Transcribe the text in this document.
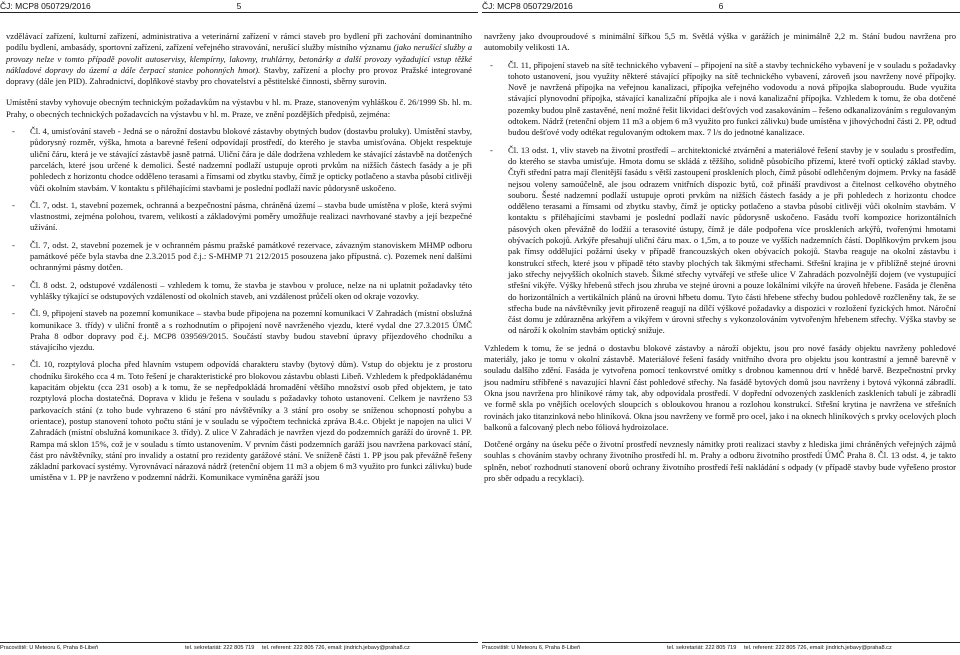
ČJ: MCP8 050729/2016	5

vzdělávací zařízení, kulturní zařízení, administrativa a veterinární zařízení v rámci staveb pro bydlení při zachování dominantního podílu bydlení, ambasády, sportovní zařízení, zařízení veřejného stravování, nerušící služby místního významu (jako nerušící služby a provozy nelze v tomto případě povolit autoservisy, klempírny, lakovny, truhlárny, betonárky a další provozy vyžadující vstup těžké nákladové dopravy do území a dále čerpací stanice pohonných hmot). Stavby, zařízení a plochy pro provoz Pražské integrované dopravy (dále jen PID). Zahradnictví, doplňkové stavby pro chovatelství a pěstitelské činnosti, sběrny surovin.

Umístění stavby vyhovuje obecným technickým požadavkům na výstavbu v hl. m. Praze, stanoveným vyhláškou č. 26/1999 Sb. hl. m. Prahy, o obecných technických požadavcích na výstavbu v hl. m. Praze, ve znění pozdějších předpisů, zejména:

- Čl. 4, umisťování staveb - Jedná se o nárožní dostavbu blokové zástavby obytných budov (dostavbu proluky). Umístění stavby, půdorysný rozměr, výška, hmota a barevné řešení odpovídají prostředí, do kterého je stavba umisťována. Objekt respektuje uliční čáru, která je ve stávající zástavbě jasně patrná. Uliční čára je dále dodržena vzhledem ke stávající zástavbě na dotčených parcelách, které jsou určené k demolici. Šesté nadzemní podlaží ustupuje oproti prvkům na nižších částech fasády a je při pohledech z horizontu chodce odděleno terasami a římsami od zbytku stavby, čímž je opticky potlačeno a stavba působí citlivěji vůči okolním stavbám. V kontaktu s přiléhajícími stavbami je poslední podlaží navíc půdorysně uskočeno.
- Čl. 7, odst. 1, stavební pozemek, ochranná a bezpečnostní pásma, chráněná území – stavba bude umístěna v ploše, která svými vlastnostmi, zejména polohou, tvarem, velikostí a základovými poměry umožňuje realizaci navrhované stavby a její bezpečné užívání.
- Čl. 7, odst. 2, stavební pozemek je v ochranném pásmu pražské památkové rezervace, závazným stanoviskem MHMP odboru památkové péče byla stavba dne 2.3.2015 pod č.j.: S-MHMP 71 212/2015 posouzena jako přípustná. c). Pozemek není dalšími ochrannými pásmy dotčen.
- Čl. 8 odst. 2, odstupové vzdálenosti – vzhledem k tomu, že stavba je stavbou v proluce, nelze na ni uplatnit požadavky této vyhlášky týkající se odstupových vzdáleností od okolních staveb, ani vzdálenost průčelí oken od okraje vozovky.
- Čl. 9, připojení staveb na pozemní komunikace – stavba bude připojena na pozemní komunikaci V Zahradách (místní obslužná komunikace 3. třídy) v uliční frontě a s rozhodnutím o připojení nově navrženého vjezdu, které vydal dne 27.3.2015 ÚMČ Praha 8 odbor dopravy pod č.j. MCP8 039569/2015. Součástí stavby budou stavební úpravy příjezdového chodníku a stávajícího vjezdu.
- Čl. 10, rozptylová plocha před hlavním vstupem odpovídá charakteru stavby (bytový dům). Vstup do objektu je z prostoru chodníku širokého cca 4 m. Toto řešení je charakteristické pro blokovou zástavbu oblasti Libeň. Vzhledem k předpokládanému kapacitám objektu (cca 231 osob) a k tomu, že se nepředpokládá hromadění většího množství osob před objektem, je tato rozptylová plocha dostatečná. Doprava v klidu je řešena v souladu s požadavky tohoto ustanovení. Celkem je navrženo 53 parkovacích stání (z toho bude vyhrazeno 6 stání pro návštěvníky a 3 stání pro osoby se sníženou schopností pohybu a orientace), postup stanovení tohoto počtu stání je v souladu se výpočtem technická zpráva B.4.c. Objekt je napojen na ulici V Zahradách (místní obslužná komunikace 3. třídy). Z ulice V Zahradách je navržen vjezd do podzemních garáží do úrovně 1. PP. Rampa má sklon 15%, což je v souladu s tímto ustanovením. V prvním části podzemních garáží jsou navržena parkovací stání, část pro návštěvníky, stání pro invalidy a ostatní pro rezidenty garážové stání. Ve sníženě části 1. PP jsou pak převážně řešeny základní parkovací systémy. Vyrovnávací nárazová nádrž (retenční objem 11 m3 a objem 6 m3 využito pro funkci zálivku) bude umístěna v 1. PP je navrženo v podzemní nádrži. Komunikace vymíněna garáží jsou
Pracoviště: U Meteoru 6, Praha 8-Libeň	tel. sekretariát: 222 805 719 tel. referent: 222 805 726, email: jindrich.jebavy@praha8.cz
ČJ: MCP8 050729/2016	6

navrženy jako dvouproudové s minimální šířkou 5,5 m. Světlá výška v garážích je minimálně 2,2 m. Stání budou navržena pro automobily velikosti 1A.

- Čl. 11, připojení staveb na sítě technického vybavení – připojení na sítě a stavby technického vybavení je v souladu s požadavky tohoto ustanovení, jsou využity některé stávající přípojky na sítě technického vybavení, zároveň jsou navrženy nové přípojky. Nově je navržená přípojka na veřejnou kanalizaci, přípojka veřejného vodovodu a nová přípojka slaboproudu. Bude využita stávající plynovodní přípojka, stávající kanalizační přípojka ale i nová kanalizační přípojka. Vzhledem k tomu, že oba dotčené pozemky budou plně zastavěné, není možné řešit likvidaci dešťových vod zasakováním – řešeno odkanalizováním s regulovaným odtokem. Nádrž (retenční objem 11 m3 a objem 6 m3 využito pro funkci zálivku) bude umístěna v jihovýchodní části 2. PP, odtud budou dešťové vody odtékat regulovaným odtokem max. 7 l/s do jednotné kanalizace.
- Čl. 13 odst. 1, vliv staveb na životní prostředí – architektonické ztvárnění a materiálové řešení stavby je v souladu s prostředím, do kterého se stavba umisťuje. Hmota domu se skládá z těžšího, solidně působícího přízemí, které tvoří optický základ stavby. Čtyři střední patra mají členitější fasádu s větší zastoupení proskleních ploch, čímž působí odlehčeným dojmem. Prvky na fasádě nejsou voleny samoúčelně, ale jsou odrazem vnitřních dispozic bytů, což přináší pravdivost a čitelnost celkového obytného souboru. Šesté nadzemní podlaží ustupuje oproti prvkům na nižších částech fasády a je při pohledech z horizontu chodce odděleno terasami a římsami od zbytku stavby, čímž je opticky potlačeno a stavba působí citlivěji vůči okolním stavbám. V kontaktu s přiléhajícími stavbami je poslední podlaží navíc půdorysně uskočeno. Fasádu tvoří kompozice horizontálních pásových oken převážně do lodžií a terasovité ústupy, čímž je dále podpořena více proskleních arkýřů, tvořenými hmotami obývacích pokojů. Arkýře přesahují uliční čáru max. o 1,5m, a to pouze ve vyšších nadzemních částí. Doplňkovým prvkem jsou pak římsy oddělující požární úseky v případě francouzských oken obývacích pokojů. Stavba reaguje na okolní zástavbu i konstrukcí střech, které jsou v případě této stavby plochých tak šikmými střechami. Střešní krajina je v přiblížně stejné úrovni jako střechy nejvyšších okolních staveb. Šikmé střechy vytvářejí ve střeše ulice V Zahradách pozvolnější dojem (ve vystupující střešní vikýře. Výšky hřebenů střech jsou zhruba ve stejné úrovni a pouze lokálními vikýře na úroveň hřebene. Fasáda je členěna do horizontálních a vertikálních plánů na úrovni hřbetu domu. Tyto části hřebene střechy budou pohledově rozčleněny tak, že se střecha bude na návštěvníky jevit přirozeně reagují na dílčí výškové požadavky a dispozici v rozložení fyzických hmot. Nároční část domu je zdůrazněna arkýřem a vikýřem v úrovni střechy s vykonzolováním vytvořeným hřebenem střechy. Výška stavby se od nároží k okolním stavbám optický snižuje.

Vzhledem k tomu, že se jedná o dostavbu blokové zástavby a nároží objektu, jsou pro nové fasády objektu navrženy pohledové materiály, jako je tomu v okolní zástavbě. Materiálové řešení fasády vnitřního dvora pro objektu jsou kontrastní a jemně barevně v souladu dalšího zdění. Fasáda je vytvořena pomocí tenkovrstvé omítky s drobnou kamennou drtí v hnědé barvě. Bezpečnostní prvky jsou nadmíru stříbřené s navazující hlavní část pohledové střechy. Na fasádě bytových domů jsou navrženy i bytová výkonná zábradlí. Okna jsou navržena pro hliníkové rámy tak, aby odpovídala prostředí. V dopřední odvozených zaskleních zaskleních tabulí je zábradlí ve formě skla po vnějších ocelových sloupcích s obloukovou hranou a rozlohou konstrukcí. Střešní krytina je navržena ve střešních rovinách jako titanzinková nebo hliníková. Okna jsou navrženy ve formě pro ocel, jako i na oknech hliníkových s prvky ocelových ploch balkonů a falcovaný plech nebo fóliová hydroizolace.

Dotčené orgány na úseku péče o životní prostředí nevznesly námitky proti realizaci stavby z hlediska jimi chráněných veřejných zájmů souhlas s chováním stavby ochrany životního prostředí hl. m. Prahy a odboru životního prostředí ÚMČ Praha 8. Čl. 13 odst. 4, je takto splněn, neboť rozhodnutí stanovení oborů ochrany životního prostředí řeší nakládání s odpady (v případě stavby bude vyřešeno prostor pro sběr odpadu a recyklaci).

Pracoviště: U Meteoru 6, Praha 8-Libeň	tel. sekretariát: 222 805 719 tel. referent: 222 805 726, email: jindrich.jebavy@praha8.cz
